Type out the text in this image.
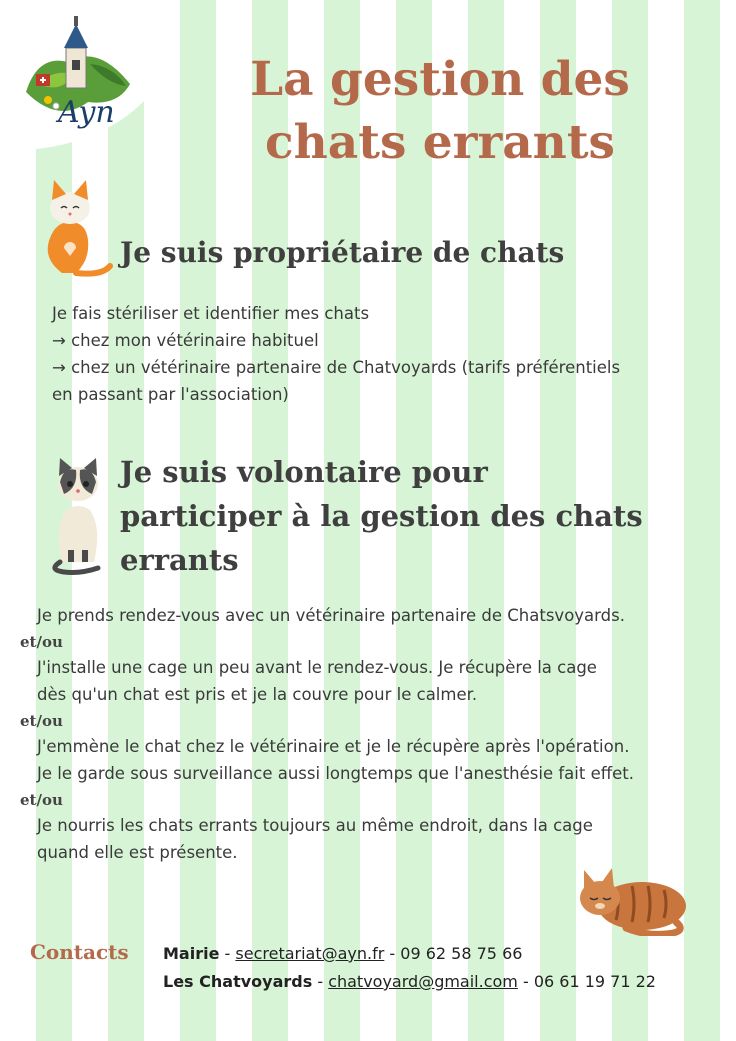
Ayn
La gestion des
chats errants
Je suis propriétaire de chats
Je fais stériliser et identifier mes chats
→ chez mon vétérinaire habituel
→ chez un vétérinaire partenaire de Chatvoyards (tarifs préférentiels
en passant par l'association)
Je suis volontaire pour
participer à la gestion des chats
errants
Je prends rendez-vous avec un vétérinaire partenaire de Chatsvoyards.
et/ou
J'installe une cage un peu avant le rendez-vous. Je récupère la cage
dès qu'un chat est pris et je la couvre pour le calmer.
et/ou
J'emmène le chat chez le vétérinaire et je le récupère après l'opération.
Je le garde sous surveillance aussi longtemps que l'anesthésie fait effet.
et/ou
Je nourris les chats errants toujours au même endroit, dans la cage
quand elle est présente.
Contacts Mairie - secretariat@ayn.fr - 09 62 58 75 66
Les Chatvoyards - chatvoyard@gmail.com - 06 61 19 71 22
